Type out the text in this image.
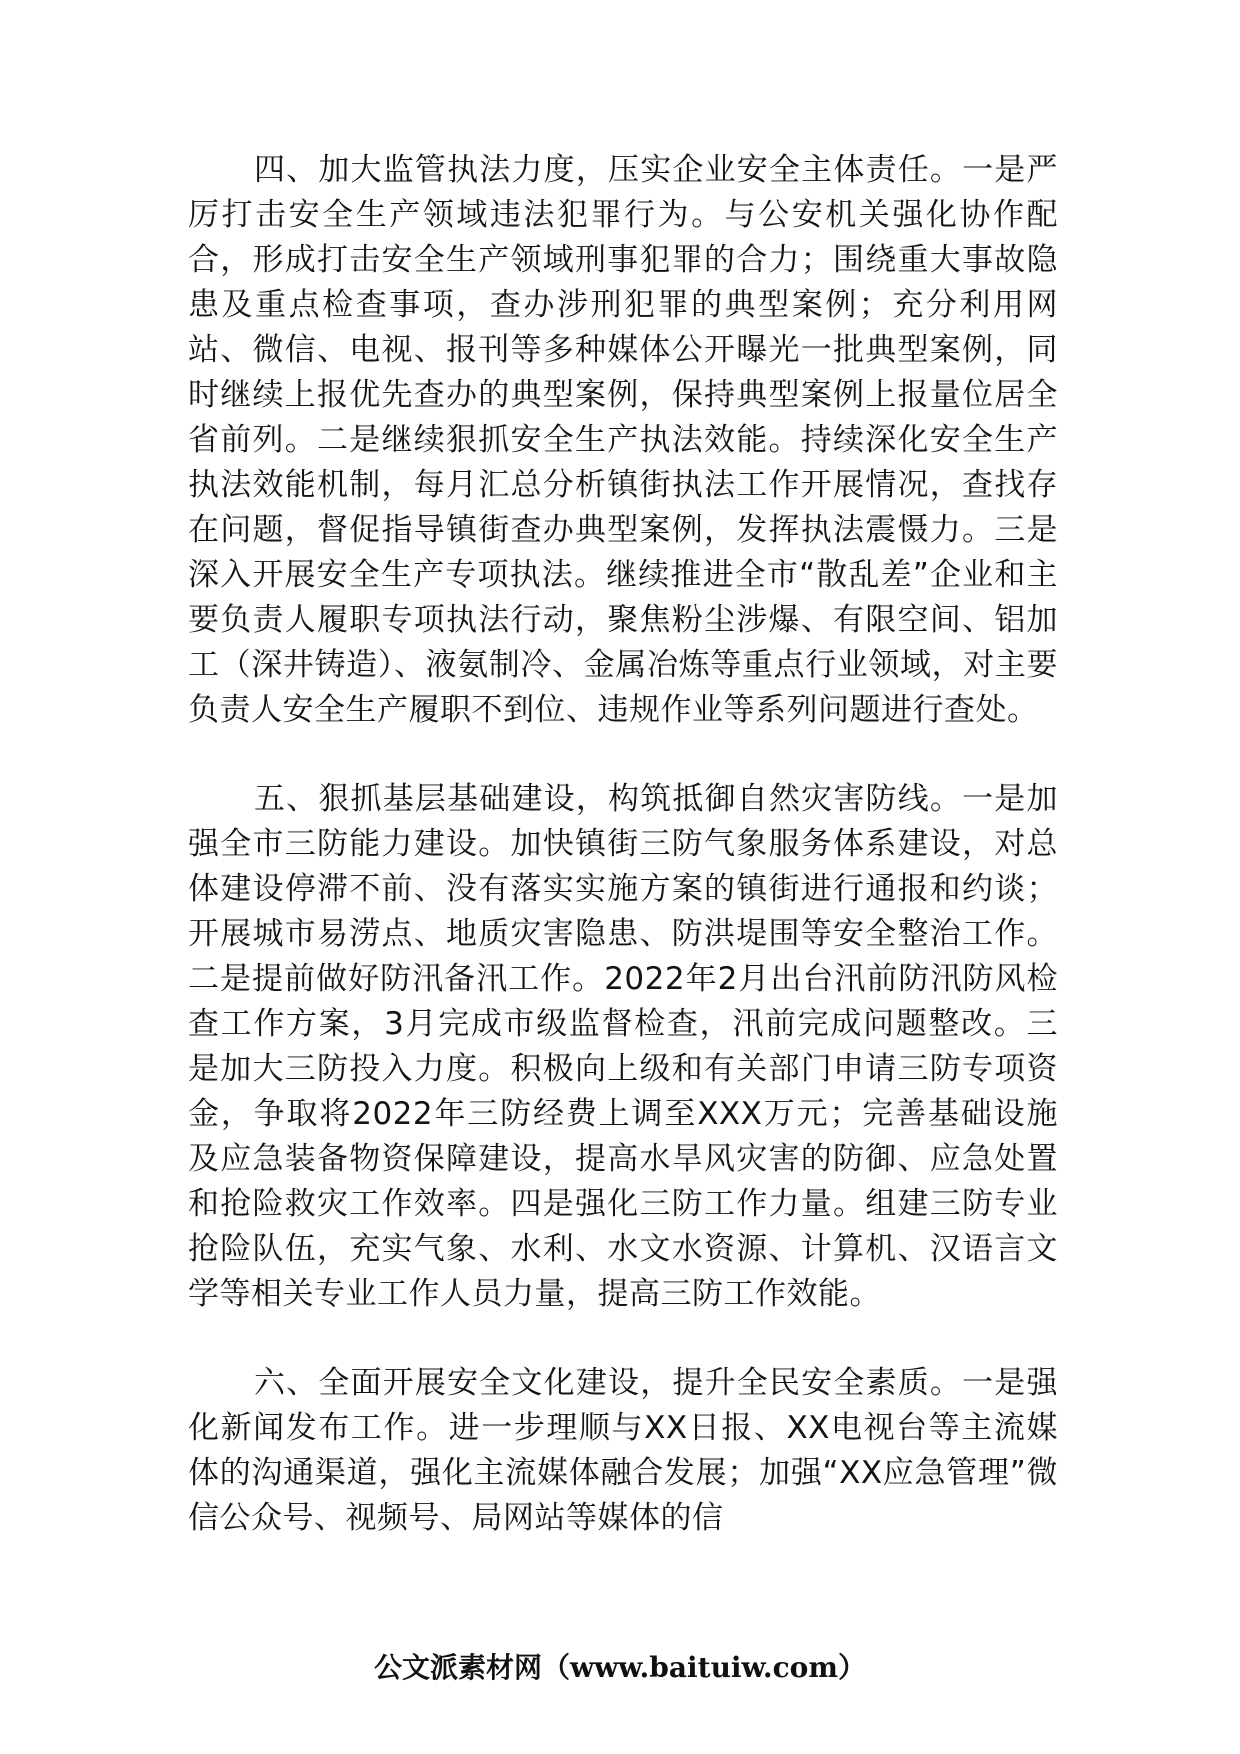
四、加大监管执法力度，压实企业安全主体责任。一是严厉打击安全生产领域违法犯罪行为。与公安机关强化协作配合，形成打击安全生产领域刑事犯罪的合力；围绕重大事故隐患及重点检查事项，查办涉刑犯罪的典型案例；充分利用网站、微信、电视、报刊等多种媒体公开曝光一批典型案例，同时继续上报优先查办的典型案例，保持典型案例上报量位居全省前列。二是继续狠抓安全生产执法效能。持续深化安全生产执法效能机制，每月汇总分析镇街执法工作开展情况，查找存在问题，督促指导镇街查办典型案例，发挥执法震慑力。三是深入开展安全生产专项执法。继续推进全市“散乱差”企业和主要负责人履职专项执法行动，聚焦粉尘涉爆、有限空间、铝加工（深井铸造）、液氨制冷、金属冶炼等重点行业领域，对主要负责人安全生产履职不到位、违规作业等系列问题进行查处。

五、狠抓基层基础建设，构筑抵御自然灾害防线。一是加强全市三防能力建设。加快镇街三防气象服务体系建设，对总体建设停滞不前、没有落实实施方案的镇街进行通报和约谈；开展城市易涝点、地质灾害隐患、防洪堤围等安全整治工作。二是提前做好防汛备汛工作。2022年2月出台汛前防汛防风检查工作方案，3月完成市级监督检查，汛前完成问题整改。三是加大三防投入力度。积极向上级和有关部门申请三防专项资金，争取将2022年三防经费上调至XXX万元；完善基础设施及应急装备物资保障建设，提高水旱风灾害的防御、应急处置和抢险救灾工作效率。四是强化三防工作力量。组建三防专业抢险队伍，充实气象、水利、水文水资源、计算机、汉语言文学等相关专业工作人员力量，提高三防工作效能。

六、全面开展安全文化建设，提升全民安全素质。一是强化新闻发布工作。进一步理顺与XX日报、XX电视台等主流媒体的沟通渠道，强化主流媒体融合发展；加强“XX应急管理”微信公众号、视频号、局网站等媒体的信

公文派素材网（www.baituiw.com）
